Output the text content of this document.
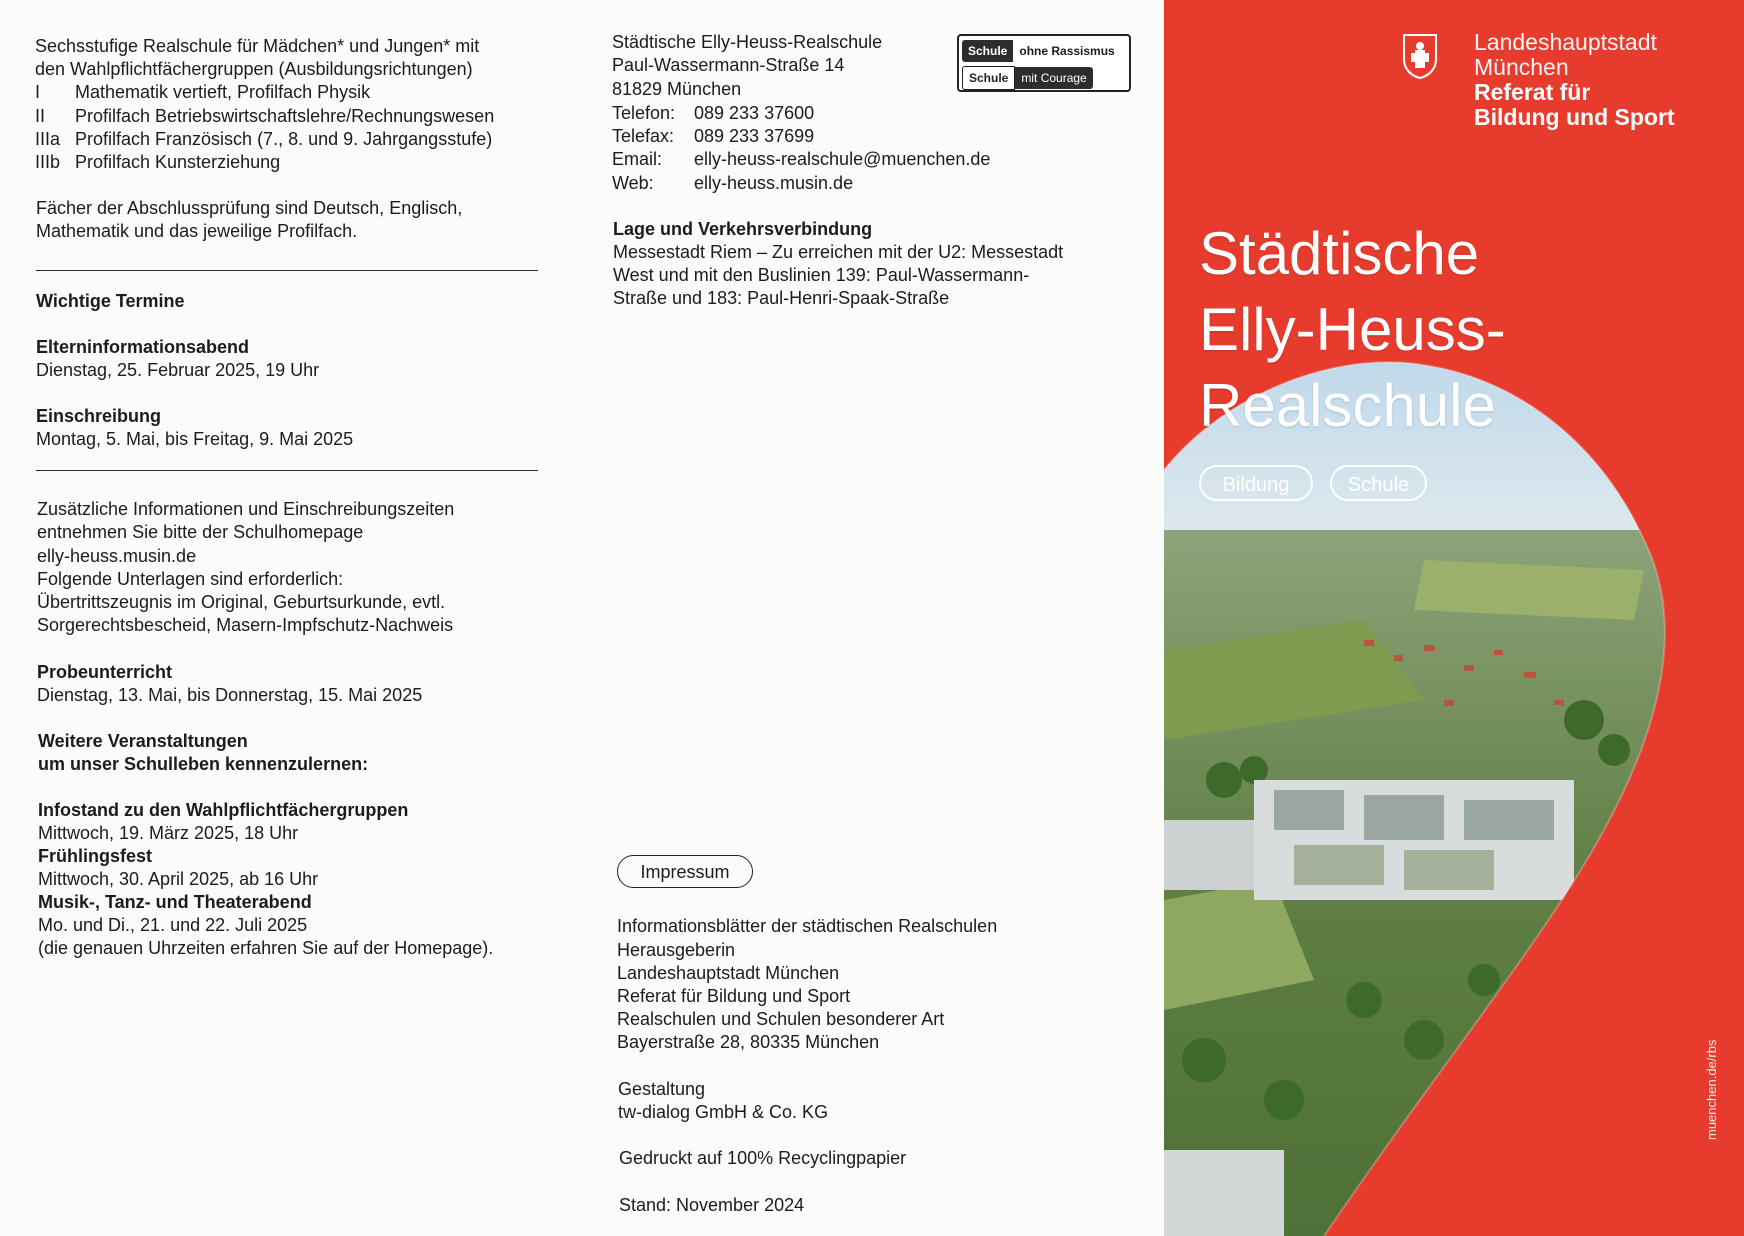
Sechsstufige Realschule für Mädchen* und Jungen* mit

den Wahlpflichtfächergruppen (Ausbildungsrichtungen)

I Mathematik vertieft, Profilfach Physik

II Profilfach Betriebswirtschaftslehre/Rechnungswesen

IIIa Profilfach Französisch (7., 8. und 9. Jahrgangsstufe)

IIIb Profilfach Kunsterziehung

Fächer der Abschlussprüfung sind Deutsch, Englisch,

Mathematik und das jeweilige Profilfach.

Wichtige Termine

Elterninformationsabend

Dienstag, 25. Februar 2025, 19 Uhr

Einschreibung

Montag, 5. Mai, bis Freitag, 9. Mai 2025

Zusätzliche Informationen und Einschreibungszeiten

entnehmen Sie bitte der Schulhomepage

elly-heuss.musin.de

Folgende Unterlagen sind erforderlich:

Übertrittszeugnis im Original, Geburtsurkunde, evtl.

Sorgerechtsbescheid, Masern-Impfschutz-Nachweis

Probeunterricht

Dienstag, 13. Mai, bis Donnerstag, 15. Mai 2025

Weitere Veranstaltungen

um unser Schulleben kennenzulernen:

Infostand zu den Wahlpflichtfächergruppen

Mittwoch, 19. März 2025, 18 Uhr

Frühlingsfest

Mittwoch, 30. April 2025, ab 16 Uhr

Musik-, Tanz- und Theaterabend

Mo. und Di., 21. und 22. Juli 2025

(die genauen Uhrzeiten erfahren Sie auf der Homepage).

Städtische Elly-Heuss-Realschule

Paul-Wassermann-Straße 14

81829 München

Telefon: 089 233 37600

Telefax: 089 233 37699

Email: elly-heuss-realschule@muenchen.de

Web: elly-heuss.musin.de

Schule	ohne Rassismus
Schule	mit Courage

Lage und Verkehrsverbindung

Messestadt Riem – Zu erreichen mit der U2: Messestadt

West und mit den Buslinien 139: Paul-Wassermann-

Straße und 183: Paul-Henri-Spaak-Straße

Impressum

Informationsblätter der städtischen Realschulen

Herausgeberin

Landeshauptstadt München

Referat für Bildung und Sport

Realschulen und Schulen besonderer Art

Bayerstraße 28, 80335 München

Gestaltung

tw-dialog GmbH & Co. KG

Gedruckt auf 100% Recyclingpapier

Stand: November 2024

Landeshauptstadt
München
Referat für
Bildung und Sport
Städtische
Elly-Heuss-
Realschule
Bildung	Schule
muenchen.de/rbs
